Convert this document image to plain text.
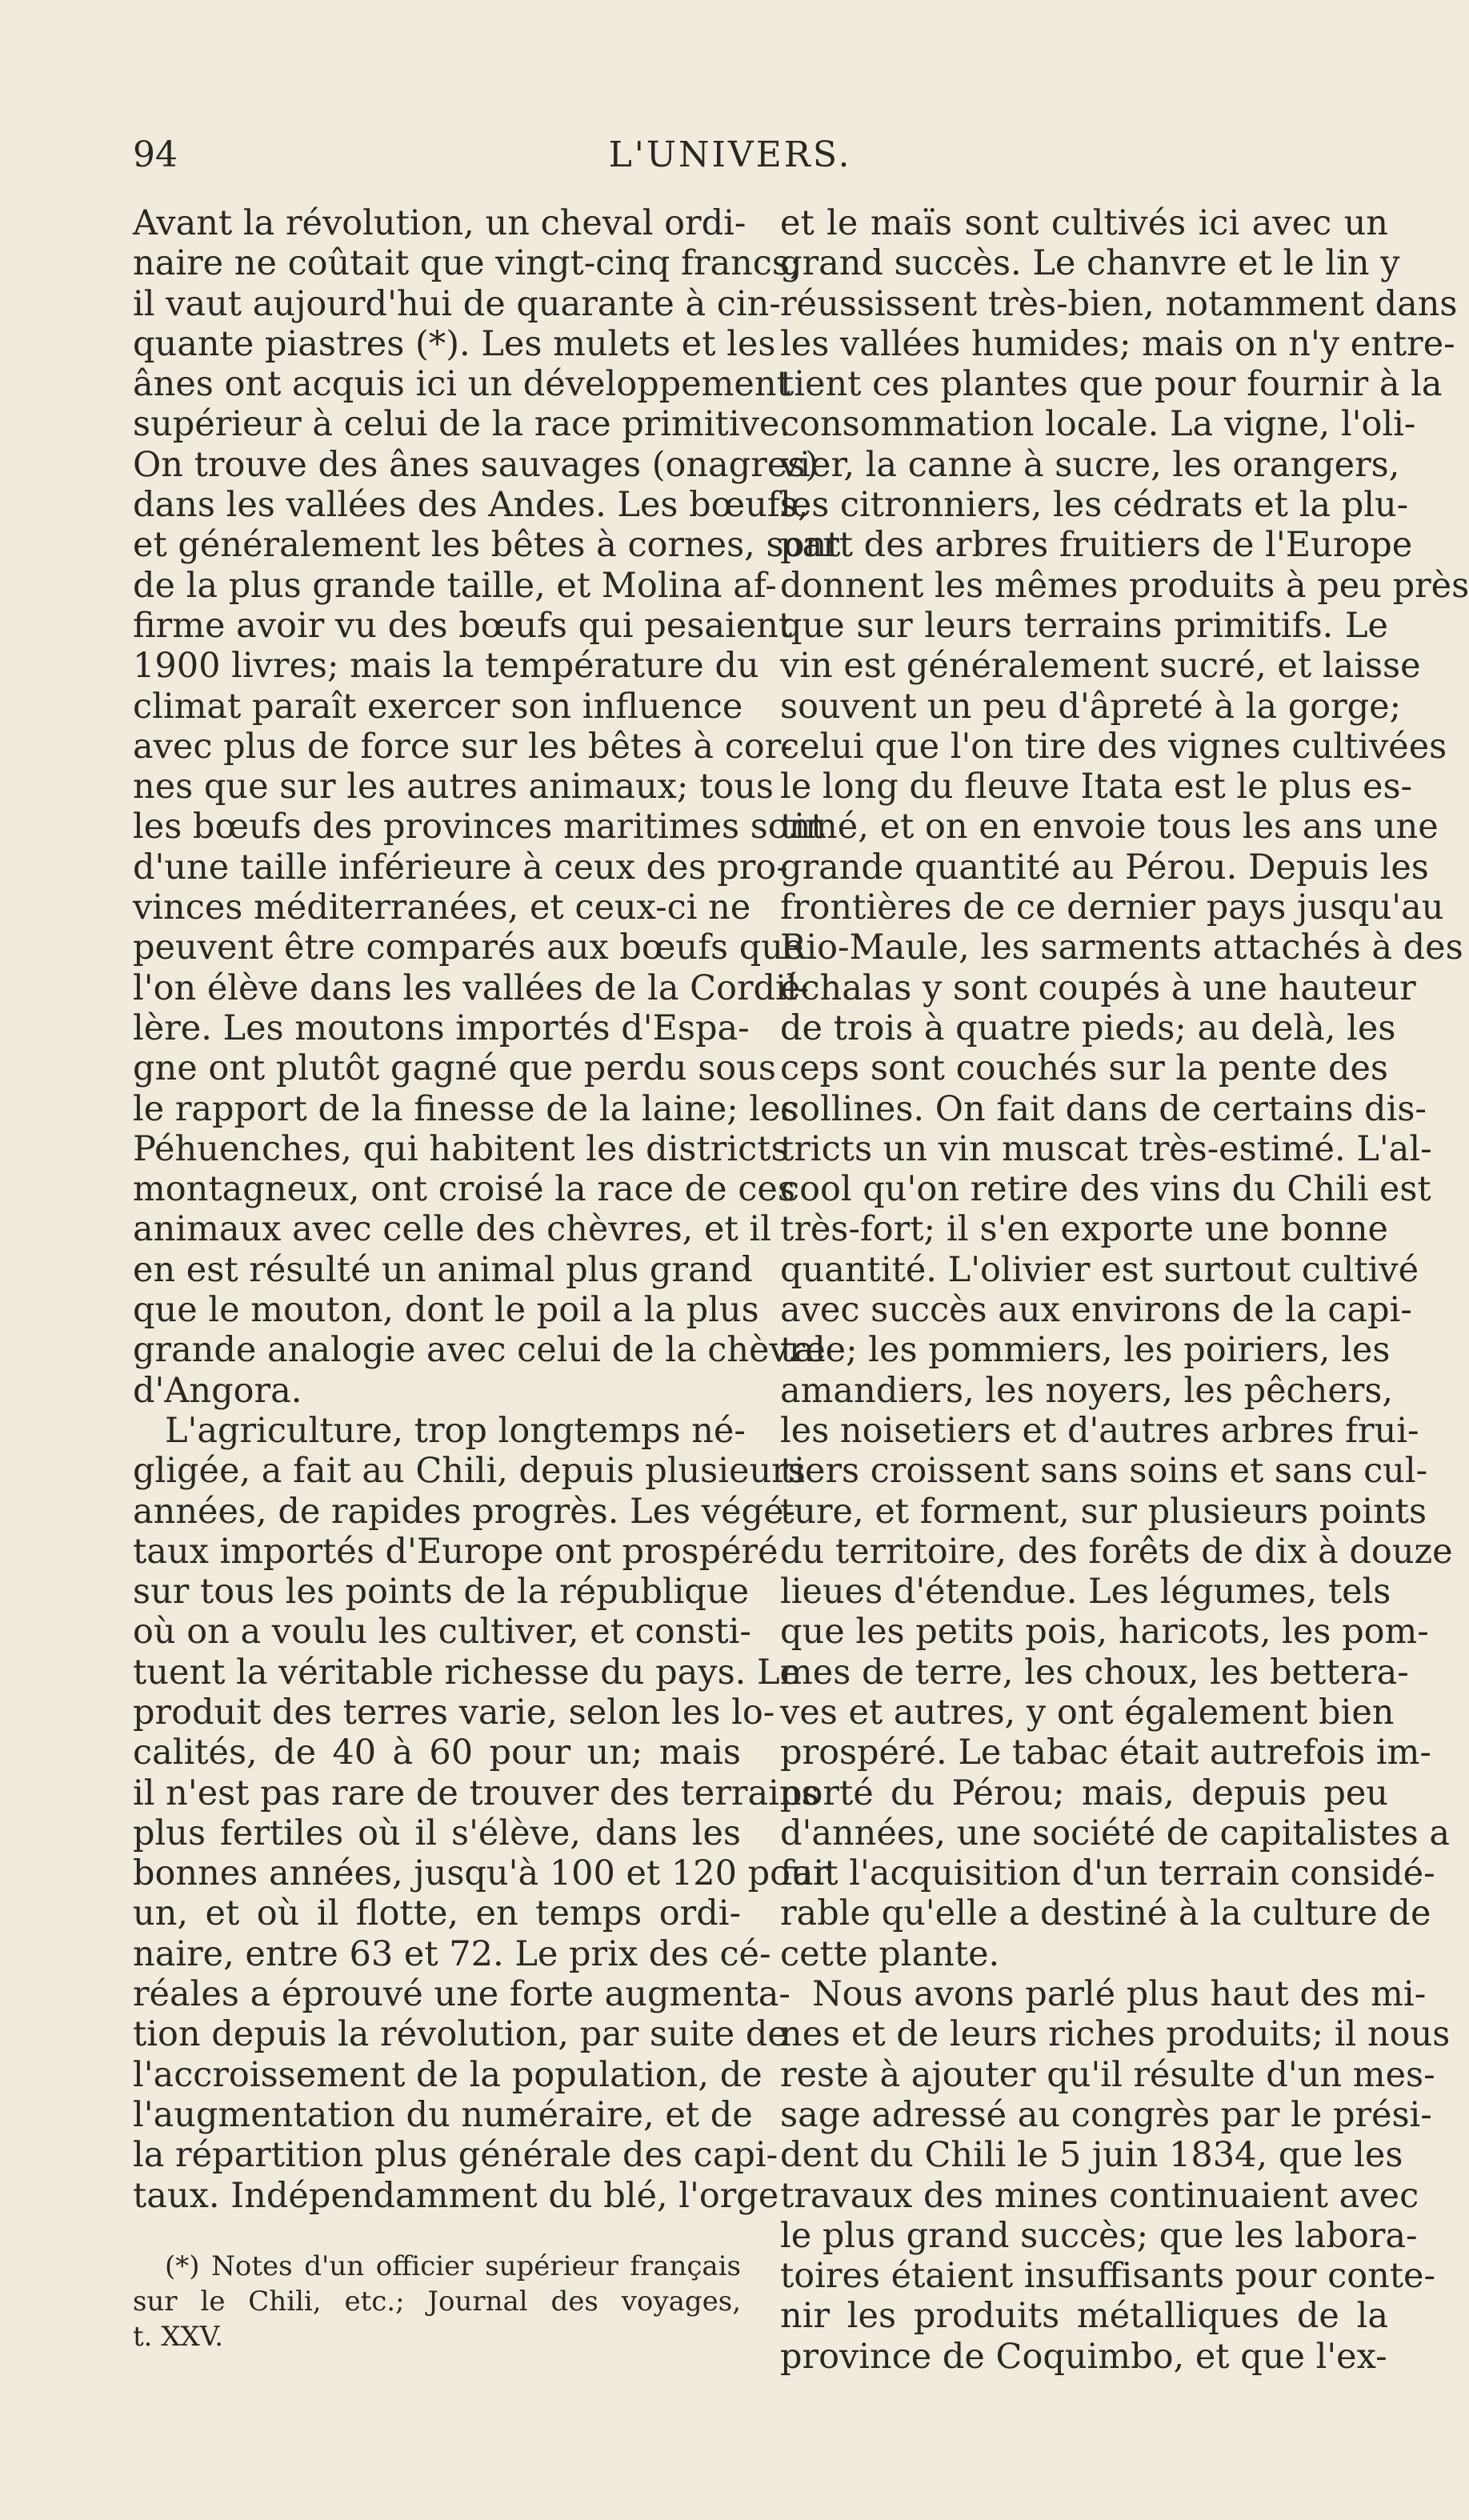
94	L'UNIVERS.
Avant la révolution, un cheval ordi-
naire ne coûtait que vingt-cinq francs;
il vaut aujourd'hui de quarante à cin-
quante piastres (*). Les mulets et les
ânes ont acquis ici un développement
supérieur à celui de la race primitive.
On trouve des ânes sauvages (onagres)
dans les vallées des Andes. Les bœufs,
et généralement les bêtes à cornes, sont
de la plus grande taille, et Molina af-
firme avoir vu des bœufs qui pesaient
1900 livres; mais la température du
climat paraît exercer son influence
avec plus de force sur les bêtes à cor-
nes que sur les autres animaux; tous
les bœufs des provinces maritimes sont
d'une taille inférieure à ceux des pro-
vinces méditerranées, et ceux-ci ne
peuvent être comparés aux bœufs que
l'on élève dans les vallées de la Cordil-
lère. Les moutons importés d'Espa-
gne ont plutôt gagné que perdu sous
le rapport de la finesse de la laine; les
Péhuenches, qui habitent les districts
montagneux, ont croisé la race de ces
animaux avec celle des chèvres, et il
en est résulté un animal plus grand
que le mouton, dont le poil a la plus
grande analogie avec celui de la chèvre
d'Angora.
L'agriculture, trop longtemps né-
gligée, a fait au Chili, depuis plusieurs
années, de rapides progrès. Les végé-
taux importés d'Europe ont prospéré
sur tous les points de la république
où on a voulu les cultiver, et consti-
tuent la véritable richesse du pays. Le
produit des terres varie, selon les lo-
calités, de 40 à 60 pour un; mais
il n'est pas rare de trouver des terrains
plus fertiles où il s'élève, dans les
bonnes années, jusqu'à 100 et 120 pour
un, et où il flotte, en temps ordi-
naire, entre 63 et 72. Le prix des cé-
réales a éprouvé une forte augmenta-
tion depuis la révolution, par suite de
l'accroissement de la population, de
l'augmentation du numéraire, et de
la répartition plus générale des capi-
taux. Indépendamment du blé, l'orge
et le maïs sont cultivés ici avec un
grand succès. Le chanvre et le lin y
réussissent très-bien, notamment dans
les vallées humides; mais on n'y entre-
tient ces plantes que pour fournir à la
consommation locale. La vigne, l'oli-
vier, la canne à sucre, les orangers,
les citronniers, les cédrats et la plu-
part des arbres fruitiers de l'Europe
donnent les mêmes produits à peu près
que sur leurs terrains primitifs. Le
vin est généralement sucré, et laisse
souvent un peu d'âpreté à la gorge;
celui que l'on tire des vignes cultivées
le long du fleuve Itata est le plus es-
timé, et on en envoie tous les ans une
grande quantité au Pérou. Depuis les
frontières de ce dernier pays jusqu'au
Rio-Maule, les sarments attachés à des
échalas y sont coupés à une hauteur
de trois à quatre pieds; au delà, les
ceps sont couchés sur la pente des
collines. On fait dans de certains dis-
tricts un vin muscat très-estimé. L'al-
cool qu'on retire des vins du Chili est
très-fort; il s'en exporte une bonne
quantité. L'olivier est surtout cultivé
avec succès aux environs de la capi-
tale; les pommiers, les poiriers, les
amandiers, les noyers, les pêchers,
les noisetiers et d'autres arbres frui-
tiers croissent sans soins et sans cul-
ture, et forment, sur plusieurs points
du territoire, des forêts de dix à douze
lieues d'étendue. Les légumes, tels
que les petits pois, haricots, les pom-
mes de terre, les choux, les bettera-
ves et autres, y ont également bien
prospéré. Le tabac était autrefois im-
porté du Pérou; mais, depuis peu
d'années, une société de capitalistes a
fait l'acquisition d'un terrain considé-
rable qu'elle a destiné à la culture de
cette plante.
Nous avons parlé plus haut des mi-
nes et de leurs riches produits; il nous
reste à ajouter qu'il résulte d'un mes-
sage adressé au congrès par le prési-
dent du Chili le 5 juin 1834, que les
travaux des mines continuaient avec
le plus grand succès; que les labora-
toires étaient insuffisants pour conte-
nir les produits métalliques de la
province de Coquimbo, et que l'ex-
(*) Notes d'un officier supérieur français
sur le Chili, etc.; Journal des voyages,
t. XXV.
